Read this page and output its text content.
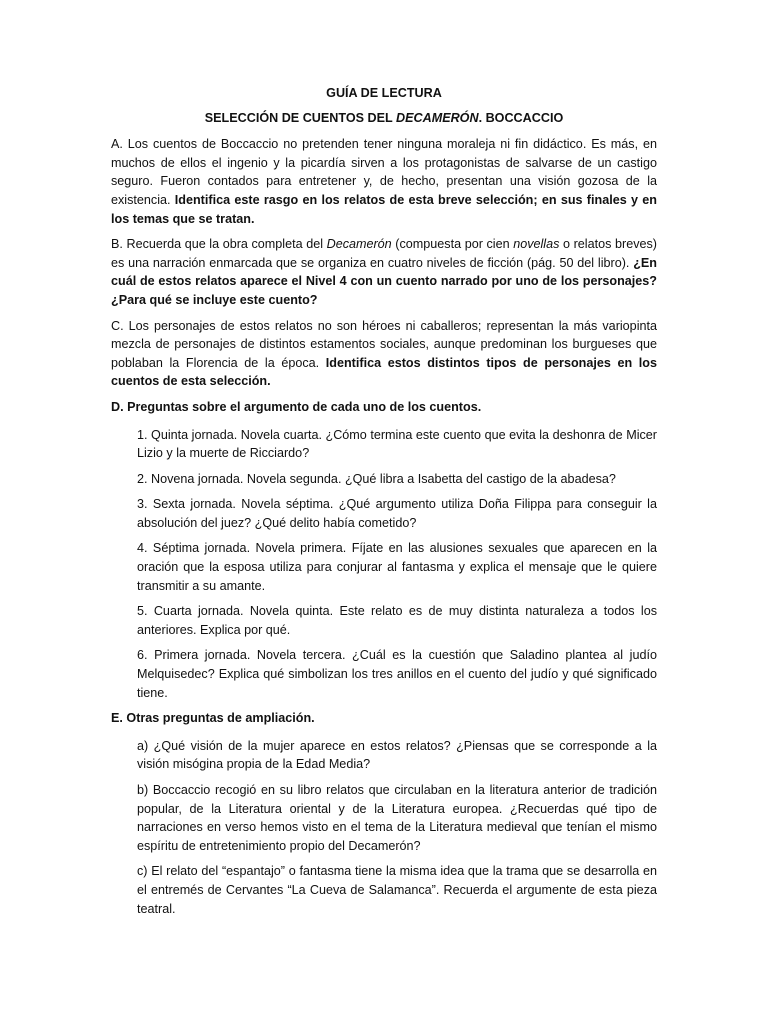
GUÍA DE LECTURA
SELECCIÓN DE CUENTOS DEL DECAMERÓN. BOCCACCIO

A. Los cuentos de Boccaccio no pretenden tener ninguna moraleja ni fin didáctico. Es más, en muchos de ellos el ingenio y la picardía sirven a los protagonistas de salvarse de un castigo seguro. Fueron contados para entretener y, de hecho, presentan una visión gozosa de la existencia. Identifica este rasgo en los relatos de esta breve selección; en sus finales y en los temas que se tratan.

B. Recuerda que la obra completa del Decamerón (compuesta por cien novellas o relatos breves) es una narración enmarcada que se organiza en cuatro niveles de ficción (pág. 50 del libro). ¿En cuál de estos relatos aparece el Nivel 4 con un cuento narrado por uno de los personajes? ¿Para qué se incluye este cuento?

C. Los personajes de estos relatos no son héroes ni caballeros; representan la más variopinta mezcla de personajes de distintos estamentos sociales, aunque predominan los burgueses que poblaban la Florencia de la época. Identifica estos distintos tipos de personajes en los cuentos de esta selección.

D. Preguntas sobre el argumento de cada uno de los cuentos.

1. Quinta jornada. Novela cuarta. ¿Cómo termina este cuento que evita la deshonra de Micer Lizio y la muerte de Ricciardo?

2. Novena jornada. Novela segunda. ¿Qué libra a Isabetta del castigo de la abadesa?

3. Sexta jornada. Novela séptima. ¿Qué argumento utiliza Doña Filippa para conseguir la absolución del juez? ¿Qué delito había cometido?

4. Séptima jornada. Novela primera. Fíjate en las alusiones sexuales que aparecen en la oración que la esposa utiliza para conjurar al fantasma y explica el mensaje que le quiere transmitir a su amante.

5. Cuarta jornada. Novela quinta. Este relato es de muy distinta naturaleza a todos los anteriores. Explica por qué.

6. Primera jornada. Novela tercera. ¿Cuál es la cuestión que Saladino plantea al judío Melquisedec? Explica qué simbolizan los tres anillos en el cuento del judío y qué significado tiene.

E. Otras preguntas de ampliación.

a) ¿Qué visión de la mujer aparece en estos relatos? ¿Piensas que se corresponde a la visión misógina propia de la Edad Media?

b) Boccaccio recogió en su libro relatos que circulaban en la literatura anterior de tradición popular, de la Literatura oriental y de la Literatura europea. ¿Recuerdas qué tipo de narraciones en verso hemos visto en el tema de la Literatura medieval que tenían el mismo espíritu de entretenimiento propio del Decamerón?

c) El relato del “espantajo” o fantasma tiene la misma idea que la trama que se desarrolla en el entremés de Cervantes “La Cueva de Salamanca”. Recuerda el argumente de esta pieza teatral.
